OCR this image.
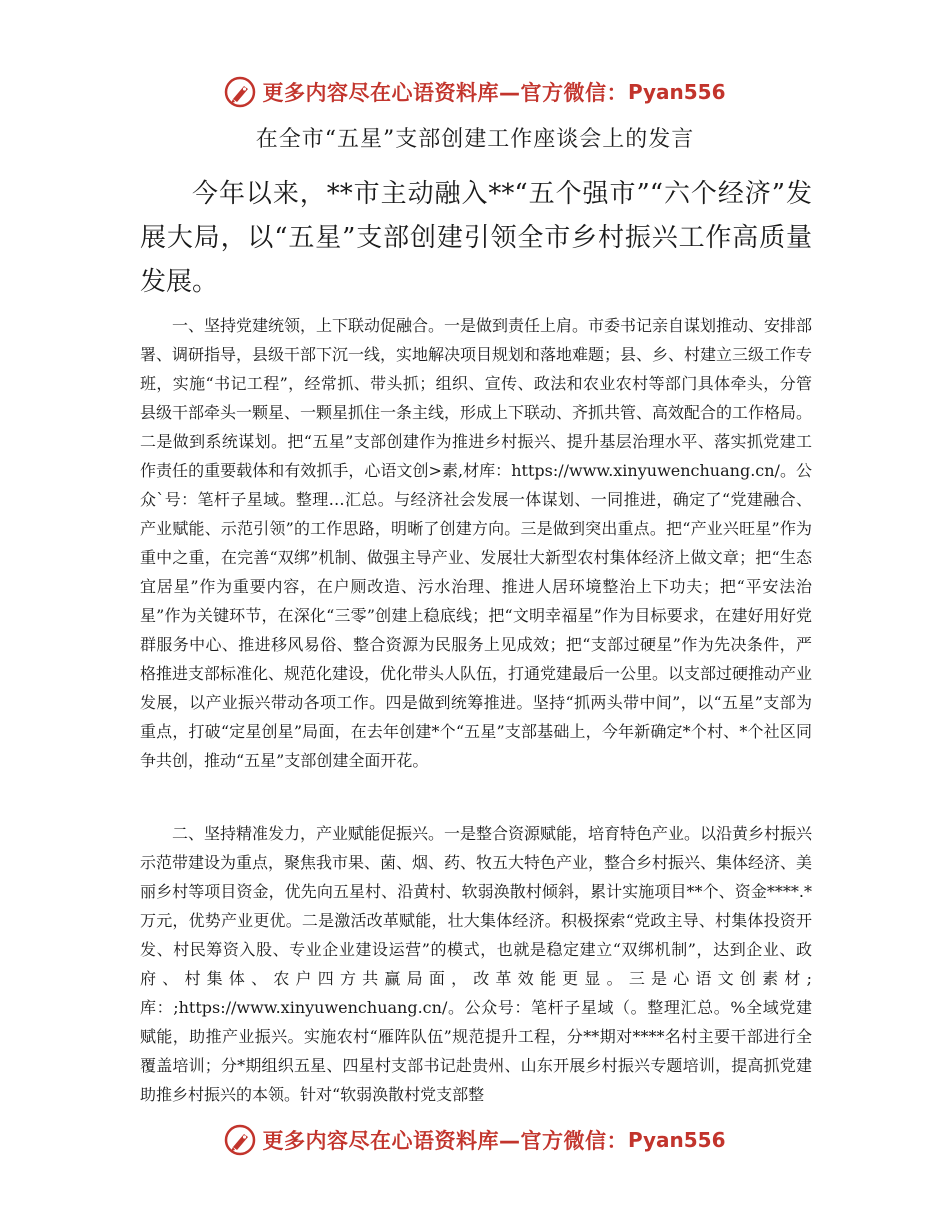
更多内容尽在心语资料库—官方微信： Pyan556
在全市“五星”支部创建工作座谈会上的发言

今年以来，**市主动融入**“五个强市”“六个经济”发展大局，以“五星”支部创建引领全市乡村振兴工作高质量发展。

一、坚持党建统领，上下联动促融合。一是做到责任上肩。市委书记亲自谋划推动、安排部署、调研指导，县级干部下沉一线，实地解决项目规划和落地难题；县、乡、村建立三级工作专班，实施“书记工程”，经常抓、带头抓；组织、宣传、政法和农业农村等部门具体牵头，分管县级干部牵头一颗星、一颗星抓住一条主线，形成上下联动、齐抓共管、高效配合的工作格局。二是做到系统谋划。把“五星”支部创建作为推进乡村振兴、提升基层治理水平、落实抓党建工作责任的重要载体和有效抓手，心语文创>素,材库：https://www.xinyuwenchuang.cn/。公众`号：笔杆子星域。整理…汇总。与经济社会发展一体谋划、一同推进，确定了“党建融合、产业赋能、示范引领”的工作思路，明晰了创建方向。三是做到突出重点。把“产业兴旺星”作为重中之重，在完善“双绑”机制、做强主导产业、发展壮大新型农村集体经济上做文章；把“生态宜居星”作为重要内容，在户厕改造、污水治理、推进人居环境整治上下功夫；把“平安法治星”作为关键环节，在深化“三零”创建上稳底线；把“文明幸福星”作为目标要求，在建好用好党群服务中心、推进移风易俗、整合资源为民服务上见成效；把“支部过硬星”作为先决条件，严格推进支部标准化、规范化建设，优化带头人队伍，打通党建最后一公里。以支部过硬推动产业发展，以产业振兴带动各项工作。四是做到统筹推进。坚持“抓两头带中间”，以“五星”支部为重点，打破“定星创星”局面，在去年创建*个“五星”支部基础上，今年新确定*个村、*个社区同争共创，推动“五星”支部创建全面开花。

二、坚持精准发力，产业赋能促振兴。一是整合资源赋能，培育特色产业。以沿黄乡村振兴示范带建设为重点，聚焦我市果、菌、烟、药、牧五大特色产业，整合乡村振兴、集体经济、美丽乡村等项目资金，优先向五星村、沿黄村、软弱涣散村倾斜，累计实施项目**个、资金****.*万元，优势产业更优。二是激活改革赋能，壮大集体经济。积极探索“党政主导、村集体投资开发、村民筹资入股、专业企业建设运营”的模式，也就是稳定建立“双绑机制”，达到企业、政府、村集体、农户四方共赢局面，改革效能更显。三是心语文创素材;库：;https://www.xinyuwenchuang.cn/。公众号：笔杆子星域（。整理汇总。%全域党建赋能，助推产业振兴。实施农村“雁阵队伍”规范提升工程，分**期对****名村主要干部进行全覆盖培训；分*期组织五星、四星村支部书记赴贵州、山东开展乡村振兴专题培训，提高抓党建助推乡村振兴的本领。针对“软弱涣散村党支部整

更多内容尽在心语资料库—官方微信： Pyan556
